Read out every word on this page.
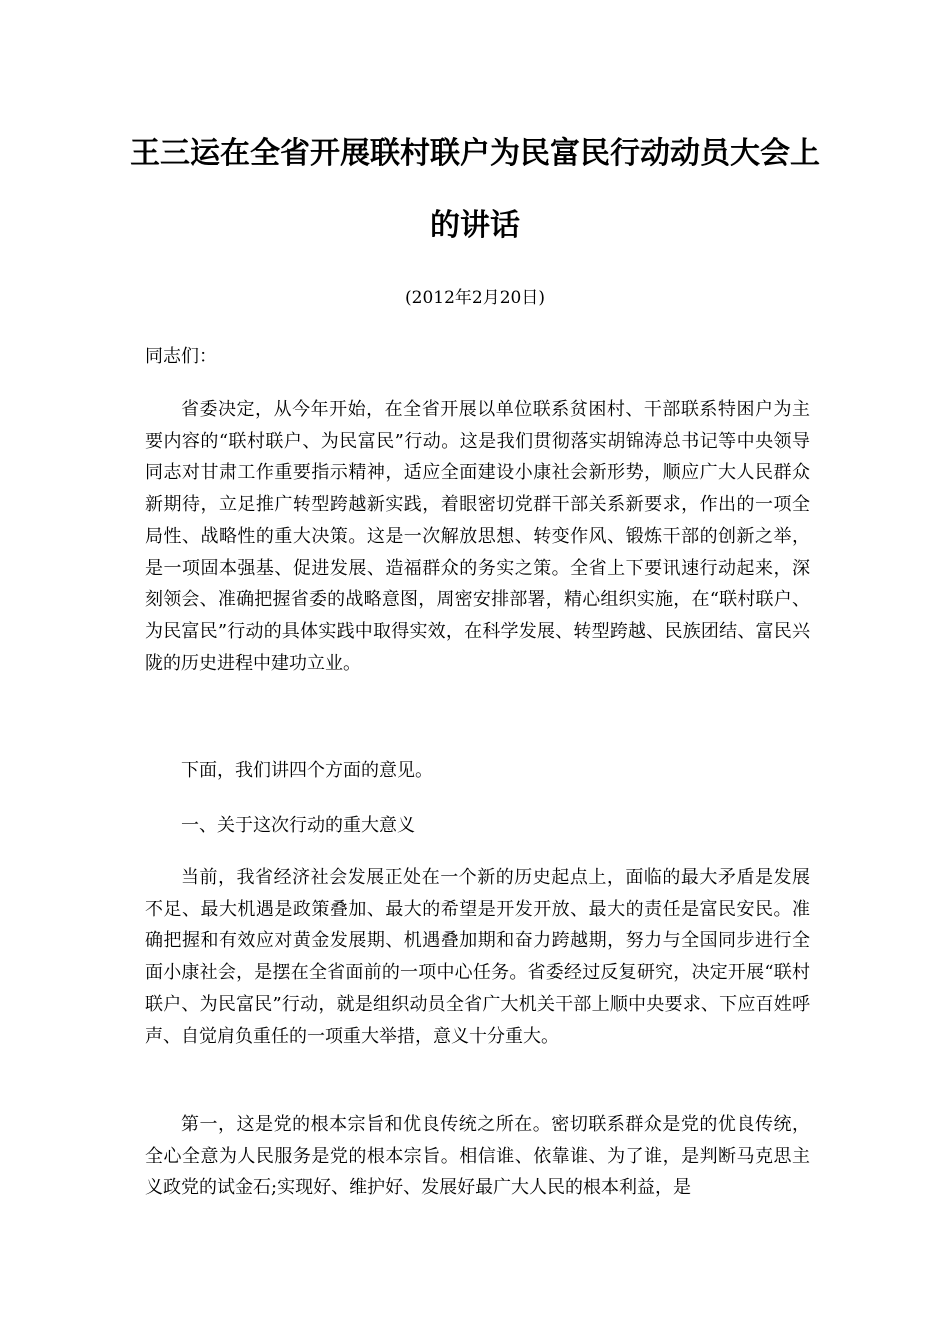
王三运在全省开展联村联户为民富民行动动员大会上
的讲话
(2012年2月20日)
同志们：

省委决定，从今年开始，在全省开展以单位联系贫困村、干部联系特困户为主要内容的“联村联户、为民富民”行动。这是我们贯彻落实胡锦涛总书记等中央领导同志对甘肃工作重要指示精神，适应全面建设小康社会新形势，顺应广大人民群众新期待，立足推广转型跨越新实践，着眼密切党群干部关系新要求，作出的一项全局性、战略性的重大决策。这是一次解放思想、转变作风、锻炼干部的创新之举，是一项固本强基、促进发展、造福群众的务实之策。全省上下要讯速行动起来，深刻领会、准确把握省委的战略意图，周密安排部署，精心组织实施，在“联村联户、为民富民”行动的具体实践中取得实效，在科学发展、转型跨越、民族团结、富民兴陇的历史进程中建功立业。

下面，我们讲四个方面的意见。

一、关于这次行动的重大意义

当前，我省经济社会发展正处在一个新的历史起点上，面临的最大矛盾是发展不足、最大机遇是政策叠加、最大的希望是开发开放、最大的责任是富民安民。准确把握和有效应对黄金发展期、机遇叠加期和奋力跨越期，努力与全国同步进行全面小康社会，是摆在全省面前的一项中心任务。省委经过反复研究，决定开展“联村联户、为民富民”行动，就是组织动员全省广大机关干部上顺中央要求、下应百姓呼声、自觉肩负重任的一项重大举措，意义十分重大。

第一，这是党的根本宗旨和优良传统之所在。密切联系群众是党的优良传统，全心全意为人民服务是党的根本宗旨。相信谁、依靠谁、为了谁，是判断马克思主义政党的试金石;实现好、维护好、发展好最广大人民的根本利益，是
